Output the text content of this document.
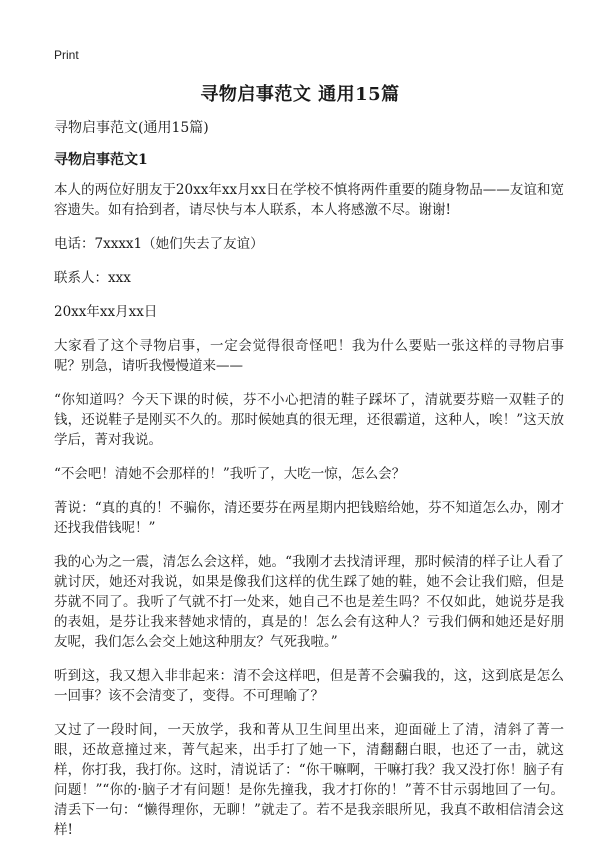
Print
寻物启事范文 通用15篇

寻物启事范文(通用15篇)

寻物启事范文1

本人的两位好朋友于20xx年xx月xx日在学校不慎将两件重要的随身物品——友谊和宽容遗失。如有拾到者，请尽快与本人联系，本人将感激不尽。谢谢!

电话：7xxxx1（她们失去了友谊）

联系人：xxx

20xx年xx月xx日

大家看了这个寻物启事，一定会觉得很奇怪吧！我为什么要贴一张这样的寻物启事呢？别急，请听我慢慢道来——

“你知道吗？今天下课的时候，芬不小心把清的鞋子踩坏了，清就要芬赔一双鞋子的钱，还说鞋子是刚买不久的。那时候她真的很无理，还很霸道，这种人，唉！”这天放学后，菁对我说。

“不会吧！清她不会那样的！”我听了，大吃一惊，怎么会？

菁说：“真的真的！不骗你，清还要芬在两星期内把钱赔给她，芬不知道怎么办，刚才还找我借钱呢！”

我的心为之一震，清怎么会这样，她。“我刚才去找清评理，那时候清的样子让人看了就讨厌，她还对我说，如果是像我们这样的优生踩了她的鞋，她不会让我们赔，但是芬就不同了。我听了气就不打一处来，她自己不也是差生吗？不仅如此，她说芬是我的表姐，是芬让我来替她求情的，真是的！怎么会有这种人？亏我们俩和她还是好朋友呢，我们怎么会交上她这种朋友？气死我啦。”

听到这，我又想入非非起来：清不会这样吧，但是菁不会骗我的，这，这到底是怎么一回事？该不会清变了，变得。不可理喻了？

又过了一段时间，一天放学，我和菁从卫生间里出来，迎面碰上了清，清斜了菁一眼，还故意撞过来，菁气起来，出手打了她一下，清翻翻白眼，也还了一击，就这样，你打我，我打你。这时，清说话了：“你干嘛啊，干嘛打我？我又没打你！脑子有问题！”“你的·脑子才有问题！是你先撞我，我才打你的！”菁不甘示弱地回了一句。清丢下一句：“懒得理你，无聊！”就走了。若不是我亲眼所见，我真不敢相信清会这样!
